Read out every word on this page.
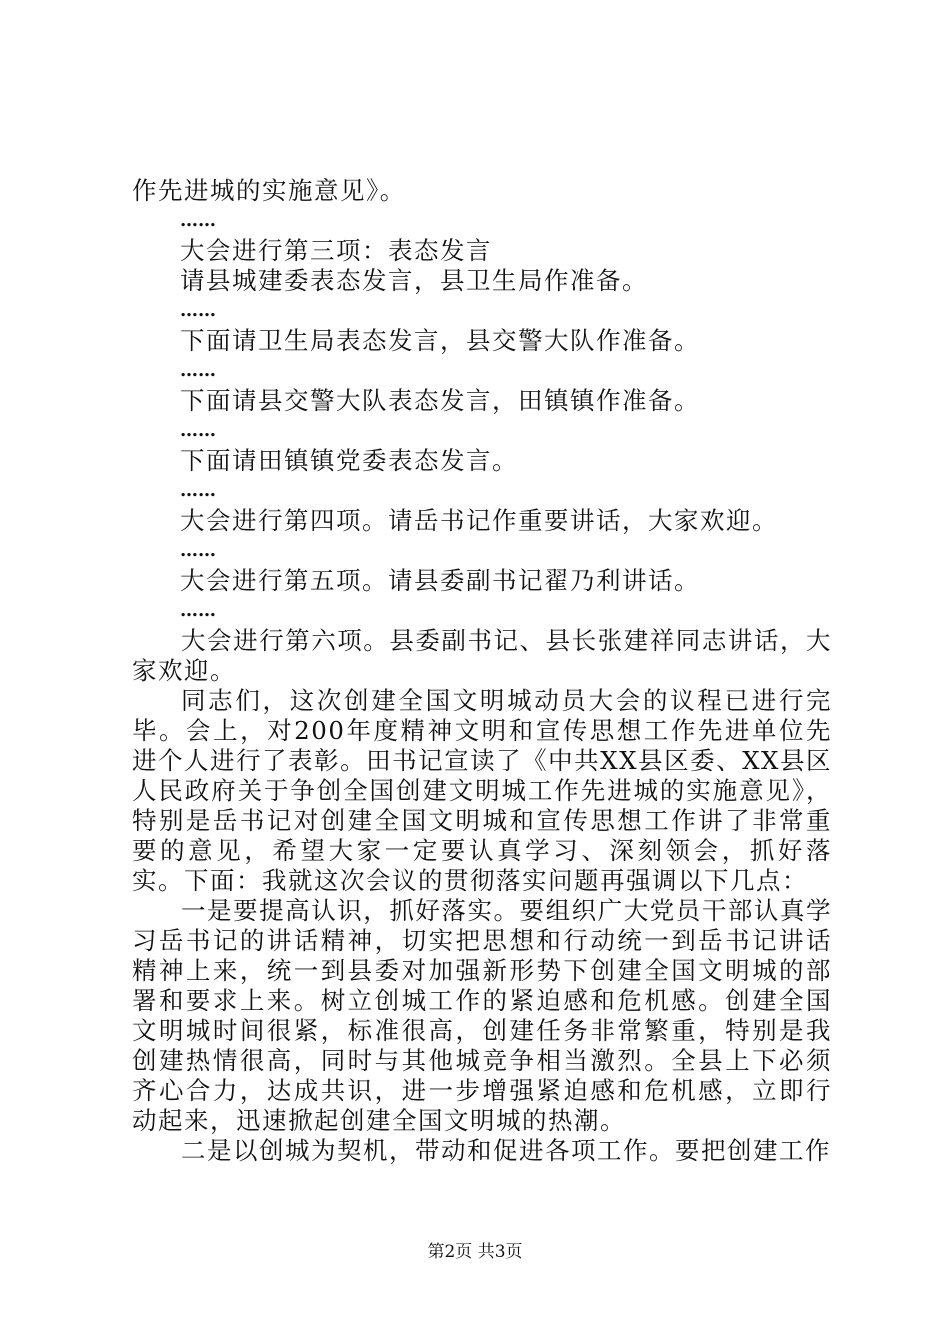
作先进城的实施意见》。
……
大会进行第三项：表态发言
请县城建委表态发言，县卫生局作准备。
……
下面请卫生局表态发言，县交警大队作准备。
……
下面请县交警大队表态发言，田镇镇作准备。
……
下面请田镇镇党委表态发言。
……
大会进行第四项。请岳书记作重要讲话，大家欢迎。
……
大会进行第五项。请县委副书记翟乃利讲话。
……
大会进行第六项。县委副书记、县长张建祥同志讲话，大家欢迎。
同志们，这次创建全国文明城动员大会的议程已进行完毕。会上，对200年度精神文明和宣传思想工作先进单位先进个人进行了表彰。田书记宣读了《中共XX县区委、XX县区人民政府关于争创全国创建文明城工作先进城的实施意见》，特别是岳书记对创建全国文明城和宣传思想工作讲了非常重要的意见，希望大家一定要认真学习、深刻领会，抓好落实。下面：我就这次会议的贯彻落实问题再强调以下几点：
一是要提高认识，抓好落实。要组织广大党员干部认真学习岳书记的讲话精神，切实把思想和行动统一到岳书记讲话精神上来，统一到县委对加强新形势下创建全国文明城的部署和要求上来。树立创城工作的紧迫感和危机感。创建全国文明城时间很紧，标准很高，创建任务非常繁重，特别是我创建热情很高，同时与其他城竞争相当激烈。全县上下必须齐心合力，达成共识，进一步增强紧迫感和危机感，立即行动起来，迅速掀起创建全国文明城的热潮。
二是以创城为契机，带动和促进各项工作。要把创建工作
第2页 共3页
